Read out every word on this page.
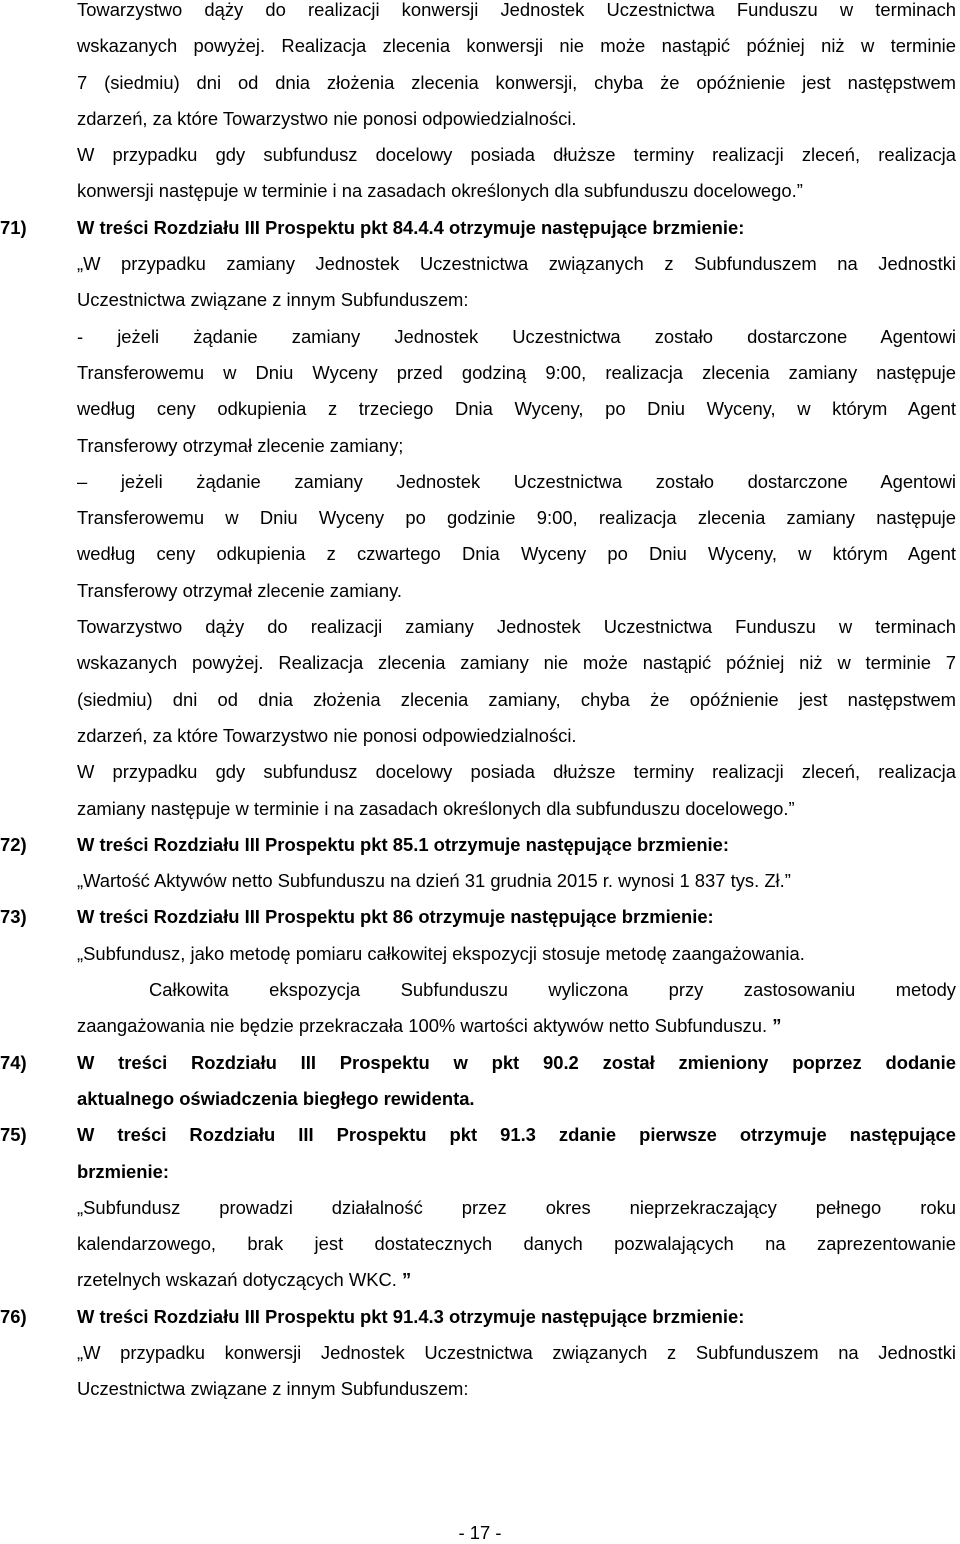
Towarzystwo dąży do realizacji konwersji Jednostek Uczestnictwa Funduszu w terminach

wskazanych powyżej. Realizacja zlecenia konwersji nie może nastąpić później niż w terminie

7 (siedmiu) dni od dnia złożenia zlecenia konwersji, chyba że opóźnienie jest następstwem

zdarzeń, za które Towarzystwo nie ponosi odpowiedzialności.

W przypadku gdy subfundusz docelowy posiada dłuższe terminy realizacji zleceń, realizacja

konwersji następuje w terminie i na zasadach określonych dla subfunduszu docelowego.”

71)	W treści Rozdziału III Prospektu pkt 84.4.4 otrzymuje następujące brzmienie:

„W przypadku zamiany Jednostek Uczestnictwa związanych z Subfunduszem na Jednostki

Uczestnictwa związane z innym Subfunduszem:

- jeżeli żądanie zamiany Jednostek Uczestnictwa zostało dostarczone Agentowi

Transferowemu w Dniu Wyceny przed godziną 9:00, realizacja zlecenia zamiany następuje

według ceny odkupienia z trzeciego Dnia Wyceny, po Dniu Wyceny, w którym Agent

Transferowy otrzymał zlecenie zamiany;

– jeżeli żądanie zamiany Jednostek Uczestnictwa zostało dostarczone Agentowi

Transferowemu w Dniu Wyceny po godzinie 9:00, realizacja zlecenia zamiany następuje

według ceny odkupienia z czwartego Dnia Wyceny po Dniu Wyceny, w którym Agent

Transferowy otrzymał zlecenie zamiany.

Towarzystwo dąży do realizacji zamiany Jednostek Uczestnictwa Funduszu w terminach

wskazanych powyżej. Realizacja zlecenia zamiany nie może nastąpić później niż w terminie 7

(siedmiu) dni od dnia złożenia zlecenia zamiany, chyba że opóźnienie jest następstwem

zdarzeń, za które Towarzystwo nie ponosi odpowiedzialności.

W przypadku gdy subfundusz docelowy posiada dłuższe terminy realizacji zleceń, realizacja

zamiany następuje w terminie i na zasadach określonych dla subfunduszu docelowego.”

72)	W treści Rozdziału III Prospektu pkt 85.1 otrzymuje następujące brzmienie:

„Wartość Aktywów netto Subfunduszu na dzień 31 grudnia 2015 r. wynosi 1 837 tys. Zł.”

73)	W treści Rozdziału III Prospektu pkt 86 otrzymuje następujące brzmienie:

„Subfundusz, jako metodę pomiaru całkowitej ekspozycji stosuje metodę zaangażowania.

Całkowita ekspozycja Subfunduszu wyliczona przy zastosowaniu metody

zaangażowania nie będzie przekraczała 100% wartości aktywów netto Subfunduszu. ”

74)	W treści Rozdziału III Prospektu w pkt 90.2 został zmieniony poprzez dodanie
aktualnego oświadczenia biegłego rewidenta.
75)	W treści Rozdziału III Prospektu pkt 91.3 zdanie pierwsze otrzymuje następujące
brzmienie:

„Subfundusz prowadzi działalność przez okres nieprzekraczający pełnego roku

kalendarzowego, brak jest dostatecznych danych pozwalających na zaprezentowanie

rzetelnych wskazań dotyczących WKC. ”

76)	W treści Rozdziału III Prospektu pkt 91.4.3 otrzymuje następujące brzmienie:

„W przypadku konwersji Jednostek Uczestnictwa związanych z Subfunduszem na Jednostki

Uczestnictwa związane z innym Subfunduszem:

- 17 -
